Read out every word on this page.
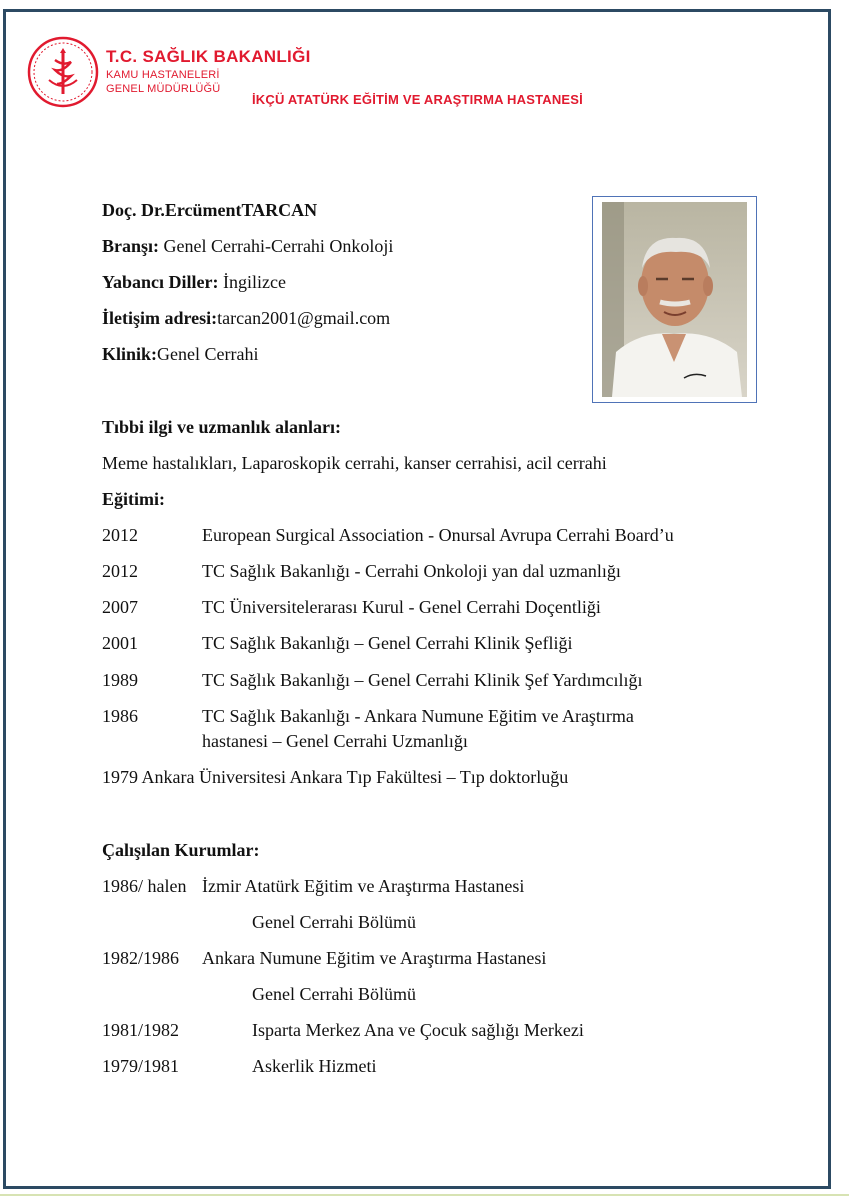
T.C. SAĞLIK BAKANLIĞI

KAMU HASTANELERİ

GENEL MÜDÜRLÜĞÜ

İKÇÜ ATATÜRK EĞİTİM VE ARAŞTIRMA HASTANESİ

Doç. Dr.ErcümentTARCAN

Branşı: Genel Cerrahi-Cerrahi Onkoloji

Yabancı Diller: İngilizce

İletişim adresi:tarcan2001@gmail.com

Klinik:Genel Cerrahi

Tıbbi ilgi ve uzmanlık alanları:

Meme hastalıkları, Laparoskopik cerrahi, kanser cerrahisi, acil cerrahi

Eğitimi:

2012	European Surgical Association - Onursal Avrupa Cerrahi Board’u

2012	TC Sağlık Bakanlığı - Cerrahi Onkoloji yan dal uzmanlığı

2007	TC Üniversitelerarası Kurul - Genel Cerrahi Doçentliği

2001	TC Sağlık Bakanlığı – Genel Cerrahi Klinik Şefliği

1989	TC Sağlık Bakanlığı – Genel Cerrahi Klinik Şef Yardımcılığı

1986	TC Sağlık Bakanlığı - Ankara Numune Eğitim ve Araştırma

hastanesi – Genel Cerrahi Uzmanlığı

1979 Ankara Üniversitesi Ankara Tıp Fakültesi – Tıp doktorluğu

Çalışılan Kurumlar:

1986/ halen İzmir Atatürk Eğitim ve Araştırma Hastanesi

Genel Cerrahi Bölümü

1982/1986 Ankara Numune Eğitim ve Araştırma Hastanesi

Genel Cerrahi Bölümü

1981/1982	Isparta Merkez Ana ve Çocuk sağlığı Merkezi

1979/1981	Askerlik Hizmeti
